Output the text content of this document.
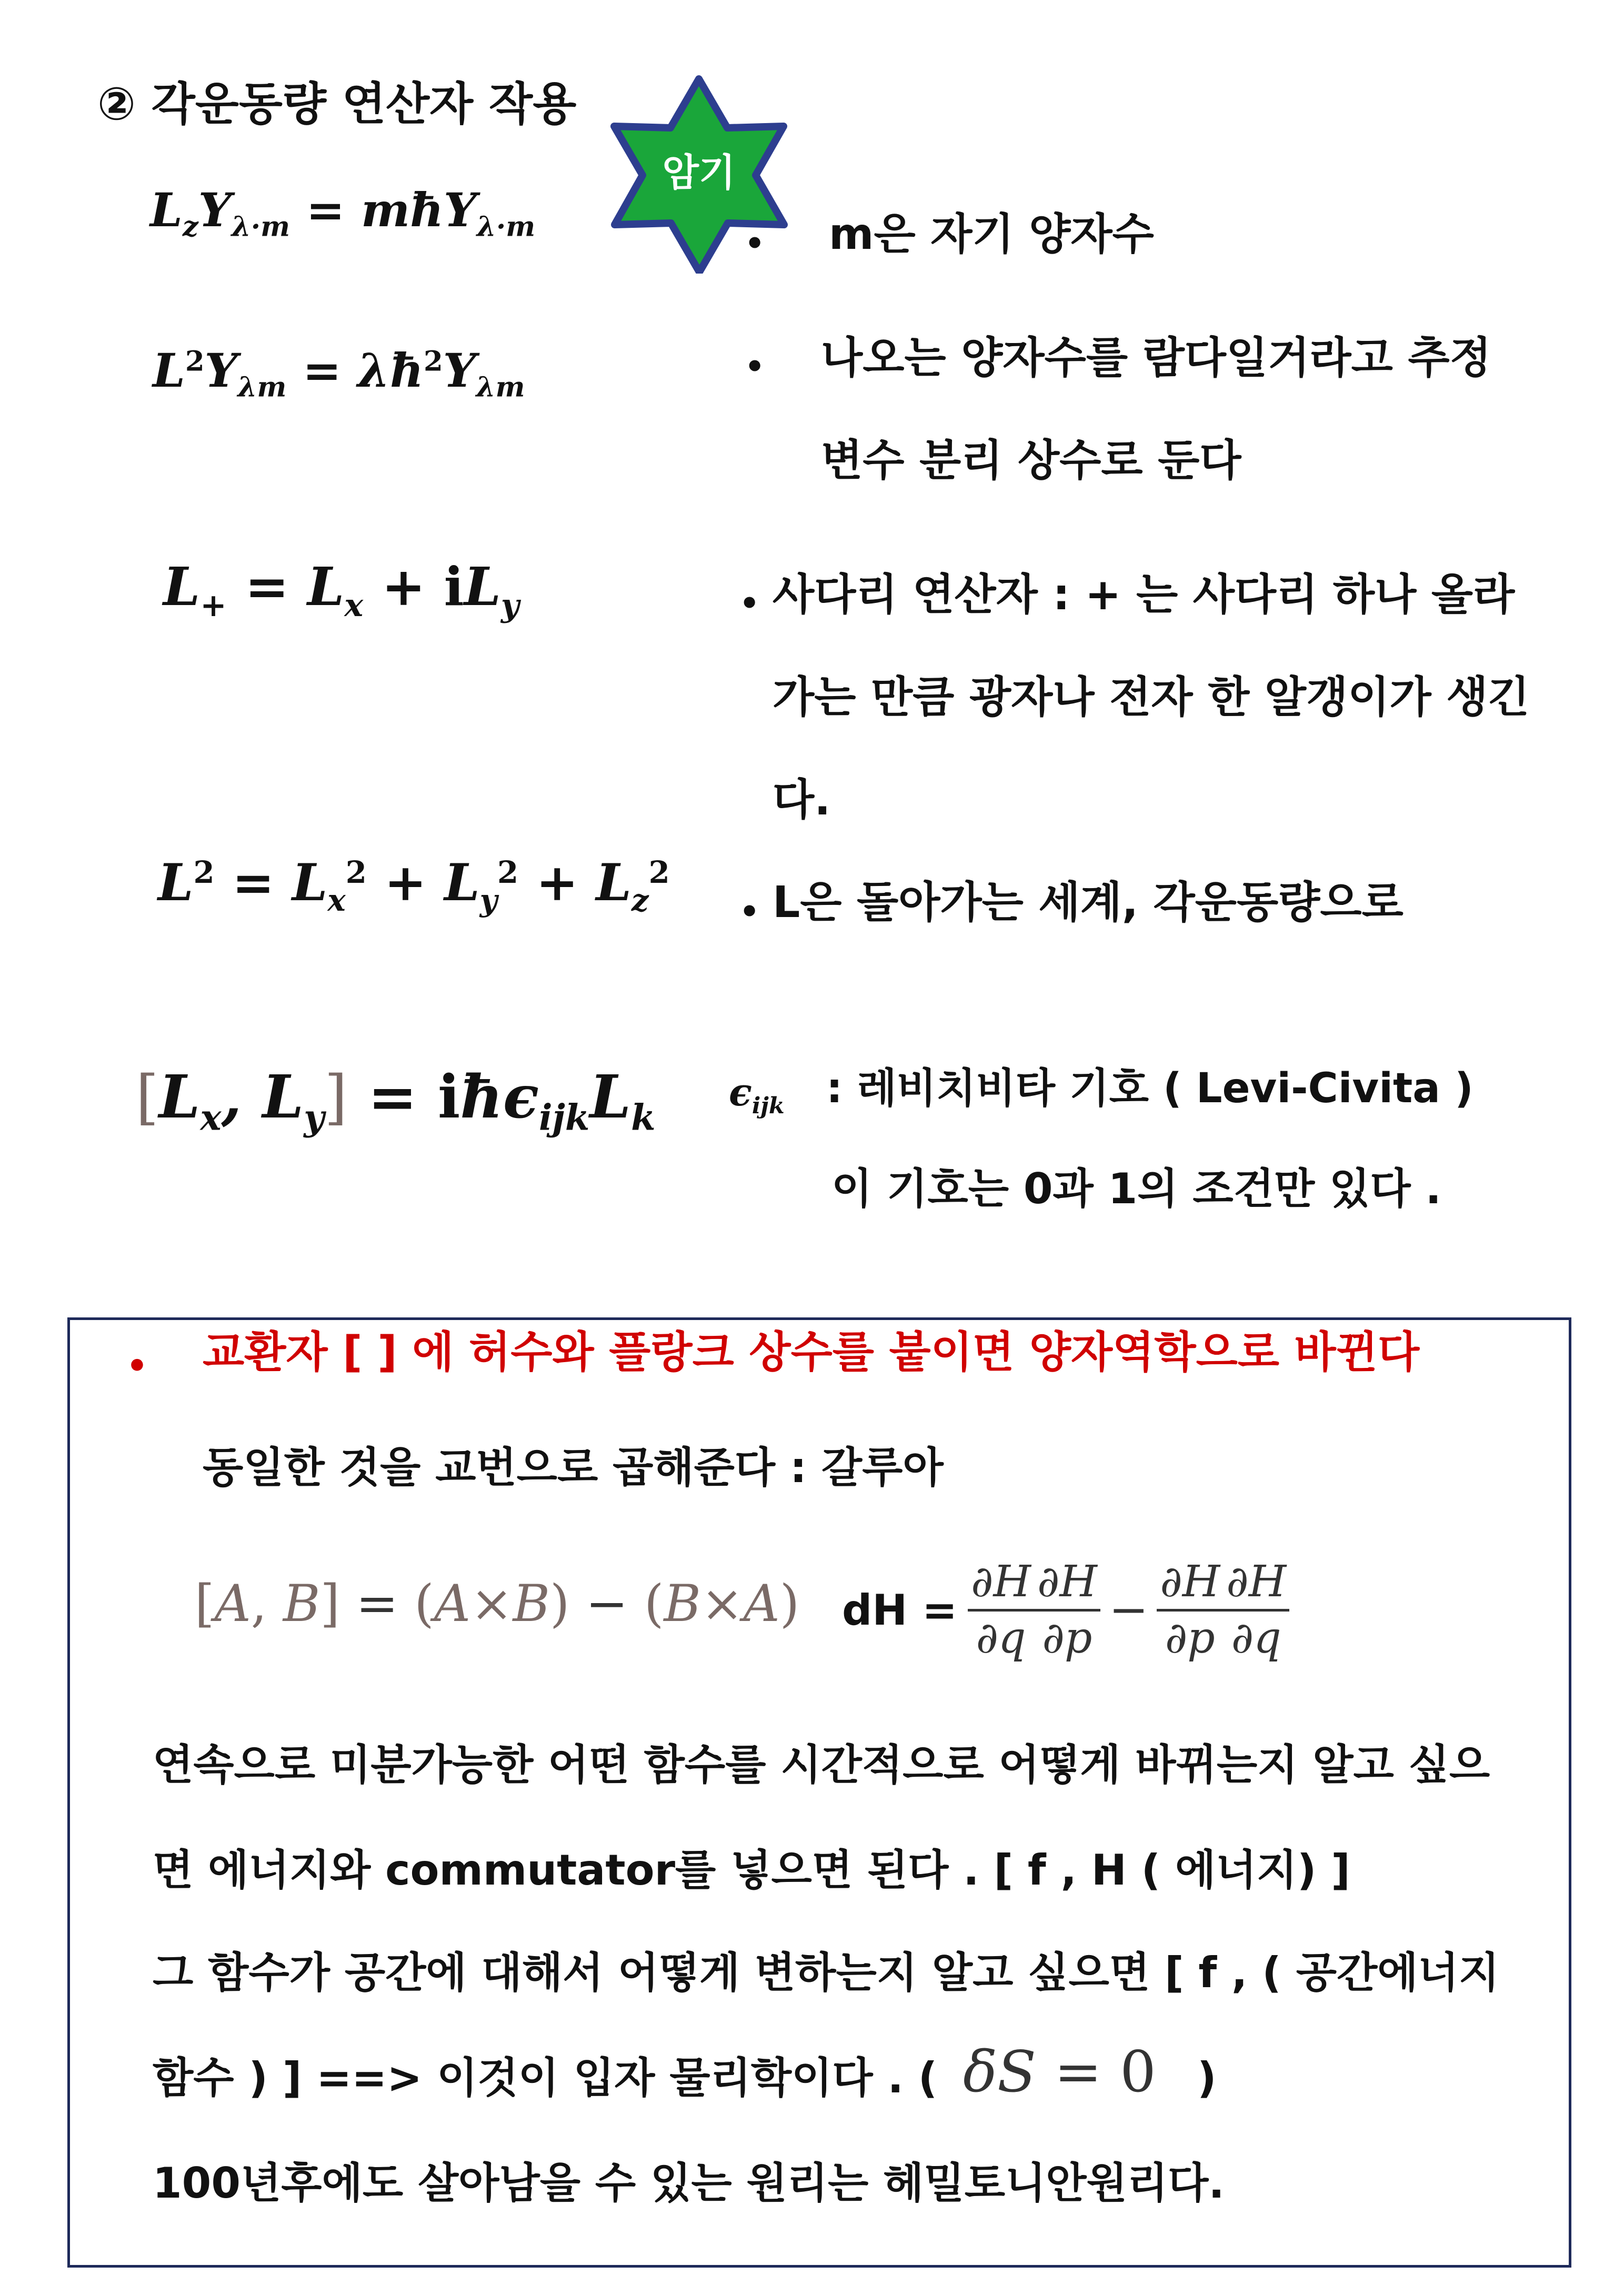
② 각운동량 연산자 작용
암기
$L_zY_{\lambda\cdot m}$ = mħY$_{\lambda\cdot m}$
$L^2Y_{\lambda m}$ = $\lambda ħ^2Y_{\lambda m}$
$L_+ = L_x + iL_y$
$L^2 = L_x^2 + L_y^2 + L_z^2$
[$L_x$, $L_y$] = $iħ\epsilon_{ijk}L_k$
• m은 자기 양자수
• 나오는 양자수를 람다일거라고 추정
변수 분리 상수로 둔다
• 사다리 연산자 : + 는 사다리 하나 올라
가는 만큼 광자나 전자 한 알갱이가 생긴
다.
• L은 돌아가는 세계, 각운동량으로
$\epsilon_{ijk}$ : 레비치비타 기호 ( Levi-Civita )
이 기호는 0과 1의 조건만 있다 .
• 교환자 [ ] 에 허수와 플랑크 상수를 붙이면 양자역학으로 바뀐다
동일한 것을 교번으로 곱해준다 : 갈루아
[A, B] = (A×B) − (B×A) dH = $\frac{\partial H}{\partial q} \frac{\partial H}{\partial p} - \frac{\partial H}{\partial p} \frac{\partial H}{\partial q}$
연속으로 미분가능한 어떤 함수를 시간적으로 어떻게 바뀌는지 알고 싶으
면 에너지와 commutator를 넣으면 된다 . [ f , H ( 에너지) ]
그 함수가 공간에 대해서 어떻게 변하는지 알고 싶으면 [ f , ( 공간에너지
함수 ) ] ==> 이것이 입자 물리학이다 . ( δS = 0 )
100년후에도 살아남을 수 있는 원리는 헤밀토니안원리다.
